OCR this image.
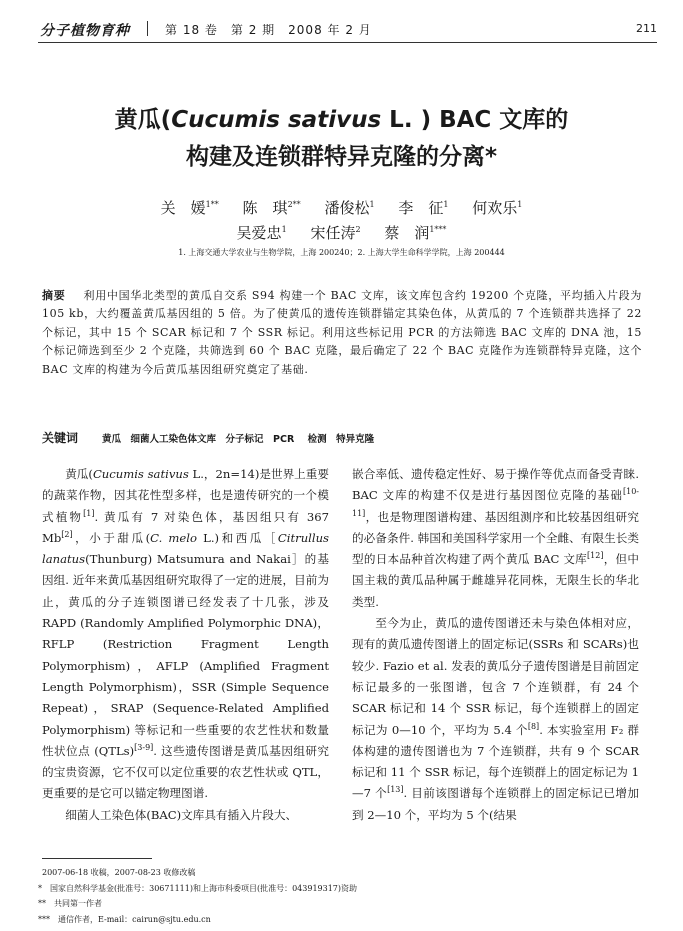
分子植物育种	第 18 卷　第 2 期　2008 年 2 月	211
黄瓜(Cucumis sativus L. ) BAC 文库的
构建及连锁群特异克隆的分离*
关　媛$^{1**}$　 陈　琪$^{2**}$　 潘俊松$^1$　 李　征$^1$　 何欢乐$^1$
吴爱忠$^1$　 宋任涛$^2$　 蔡　润$^{1***}$
1. 上海交通大学农业与生物学院，上海 200240；2. 上海大学生命科学学院，上海 200444
摘要 利用中国华北类型的黄瓜自交系 S94 构建一个 BAC 文库，该文库包含约 19200 个克隆，平均插入片段为 105 kb，大约覆盖黄瓜基因组的 5 倍。为了使黄瓜的遗传连锁群锚定其染色体，从黄瓜的 7 个连锁群共选择了 22 个标记，其中 15 个 SCAR 标记和 7 个 SSR 标记。利用这些标记用 PCR 的方法筛选 BAC 文库的 DNA 池，15 个标记筛选到至少 2 个克隆，共筛选到 60 个 BAC 克隆，最后确定了 22 个 BAC 克隆作为连锁群特异克隆，这个 BAC 文库的构建为今后黄瓜基因组研究奠定了基础.
关键词	黄瓜　细菌人工染色体文库　分子标记　PCR 检测　特异克隆

黄瓜(Cucumis sativus L.，2n=14)是世界上重要的蔬菜作物，因其花性型多样，也是遗传研究的一个模式植物[1]. 黄瓜有 7 对染色体，基因组只有 367 Mb[2]，小于甜瓜(C. melo L.)和西瓜［Citrullus lanatus(Thunburg) Matsumura and Nakai］的基因组. 近年来黄瓜基因组研究取得了一定的进展，目前为止，黄瓜的分子连锁图谱已经发表了十几张，涉及 RAPD (Randomly Amplified Polymorphic DNA)，RFLP (Restriction Fragment Length Polymorphism)，AFLP (Amplified Fragment Length Polymorphism)，SSR (Simple Sequence Repeat)，SRAP (Sequence-Related Amplified Polymorphism) 等标记和一些重要的农艺性状和数量性状位点 (QTLs)[3-9]. 这些遗传图谱是黄瓜基因组研究的宝贵资源，它不仅可以定位重要的农艺性状或 QTL，更重要的是它可以锚定物理图谱.

细菌人工染色体(BAC)文库具有插入片段大、

嵌合率低、遗传稳定性好、易于操作等优点而备受青睐. BAC 文库的构建不仅是进行基因图位克隆的基础[10-11]，也是物理图谱构建、基因组测序和比较基因组研究的必备条件. 韩国和美国科学家用一个全雌、有限生长类型的日本品种首次构建了两个黄瓜 BAC 文库[12]，但中国主栽的黄瓜品种属于雌雄异花同株，无限生长的华北类型.

至今为止，黄瓜的遗传图谱还未与染色体相对应，现有的黄瓜遗传图谱上的固定标记(SSRs 和 SCARs)也较少. Fazio et al. 发表的黄瓜分子遗传图谱是目前固定标记最多的一张图谱，包含 7 个连锁群，有 24 个 SCAR 标记和 14 个 SSR 标记，每个连锁群上的固定标记为 0—10 个，平均为 5.4 个[8]. 本实验室用 F₂ 群体构建的遗传图谱也为 7 个连锁群，共有 9 个 SCAR 标记和 11 个 SSR 标记，每个连锁群上的固定标记为 1—7 个[13]. 目前该图谱每个连锁群上的固定标记已增加到 2—10 个，平均为 5 个(结果

2007-06-18 收稿，2007-08-23 收修改稿
*　国家自然科学基金(批准号：30671111)和上海市科委项目(批准号：043919317)资助
**　共同第一作者
***　通信作者，E-mail：cairun@sjtu.edu.cn
